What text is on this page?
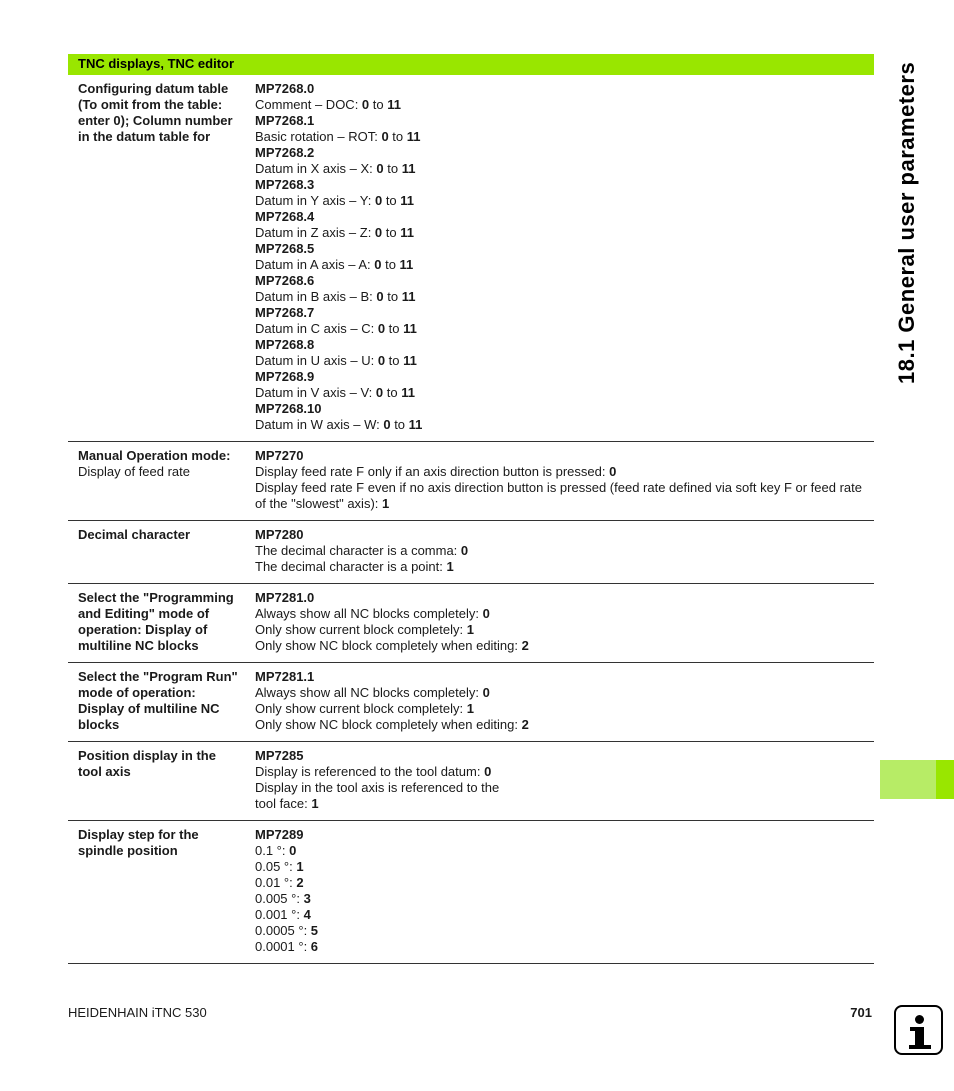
TNC displays, TNC editor
Configuring datum table (To omit from the table: enter 0); Column number in the datum table for
MP7268.0
Comment – DOC: 0 to 11
MP7268.1
Basic rotation – ROT: 0 to 11
MP7268.2
Datum in X axis – X: 0 to 11
MP7268.3
Datum in Y axis – Y: 0 to 11
MP7268.4
Datum in Z axis – Z: 0 to 11
MP7268.5
Datum in A axis – A: 0 to 11
MP7268.6
Datum in B axis – B: 0 to 11
MP7268.7
Datum in C axis – C: 0 to 11
MP7268.8
Datum in U axis – U: 0 to 11
MP7268.9
Datum in V axis – V: 0 to 11
MP7268.10
Datum in W axis – W: 0 to 11
Manual Operation mode: Display of feed rate
MP7270
Display feed rate F only if an axis direction button is pressed: 0
Display feed rate F even if no axis direction button is pressed (feed rate defined via soft key F or feed rate of the "slowest" axis): 1
Decimal character	MP7280
The decimal character is a comma: 0
The decimal character is a point: 1
Select the "Programming and Editing" mode of operation: Display of multiline NC blocks
MP7281.0
Always show all NC blocks completely: 0
Only show current block completely: 1
Only show NC block completely when editing: 2
Select the "Program Run" mode of operation: Display of multiline NC blocks
MP7281.1
Always show all NC blocks completely: 0
Only show current block completely: 1
Only show NC block completely when editing: 2
Position display in the tool axis
MP7285
Display is referenced to the tool datum: 0
Display in the tool axis is referenced to the
tool face: 1
Display step for the spindle position
MP7289
0.1 °: 0
0.05 °: 1
0.01 °: 2
0.005 °: 3
0.001 °: 4
0.0005 °: 5
0.0001 °: 6
18.1 General user parameters
HEIDENHAIN iTNC 530	701
